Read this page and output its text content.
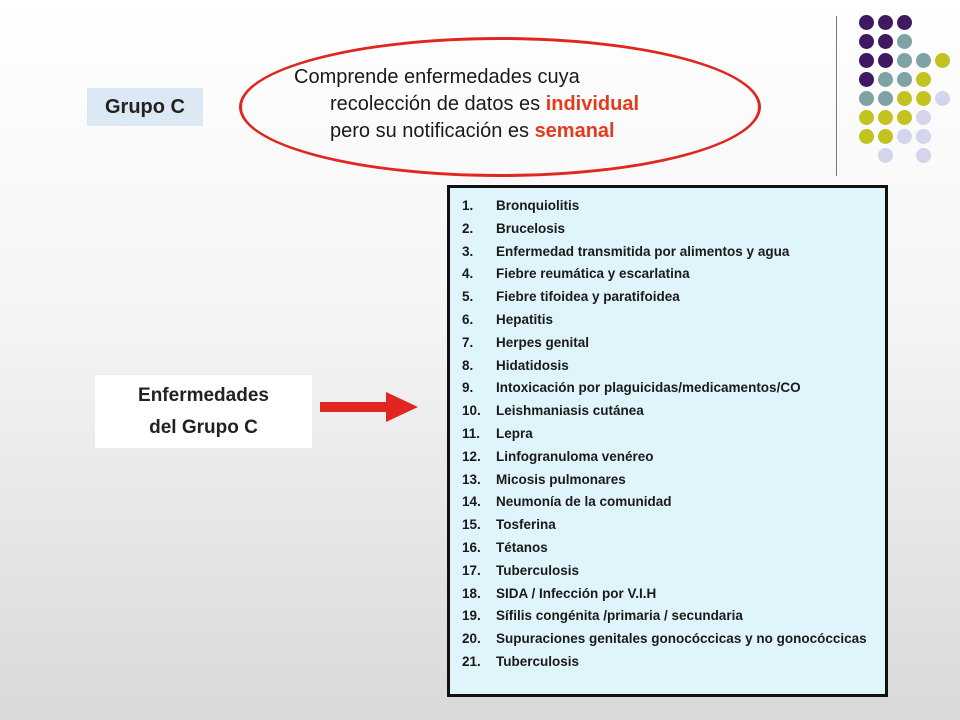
Grupo C
Comprende enfermedades cuya
recolección de datos es individual
pero su notificación es semanal
Enfermedades
del Grupo C
1.	Bronquiolitis
2.	Brucelosis
3.	Enfermedad transmitida por alimentos y agua
4.	Fiebre reumática y escarlatina
5.	Fiebre tifoidea y paratifoidea
6.	Hepatitis
7.	Herpes genital
8.	Hidatidosis
9.	Intoxicación por plaguicidas/medicamentos/CO
10.	Leishmaniasis cutánea
11.	Lepra
12.	Linfogranuloma venéreo
13.	Micosis pulmonares
14.	Neumonía de la comunidad
15.	Tosferina
16.	Tétanos
17.	Tuberculosis
18.	SIDA / Infección por V.I.H
19.	Sífilis congénita /primaria / secundaria
20.	Supuraciones genitales gonocóccicas y no gonocóccicas
21.	Tuberculosis
